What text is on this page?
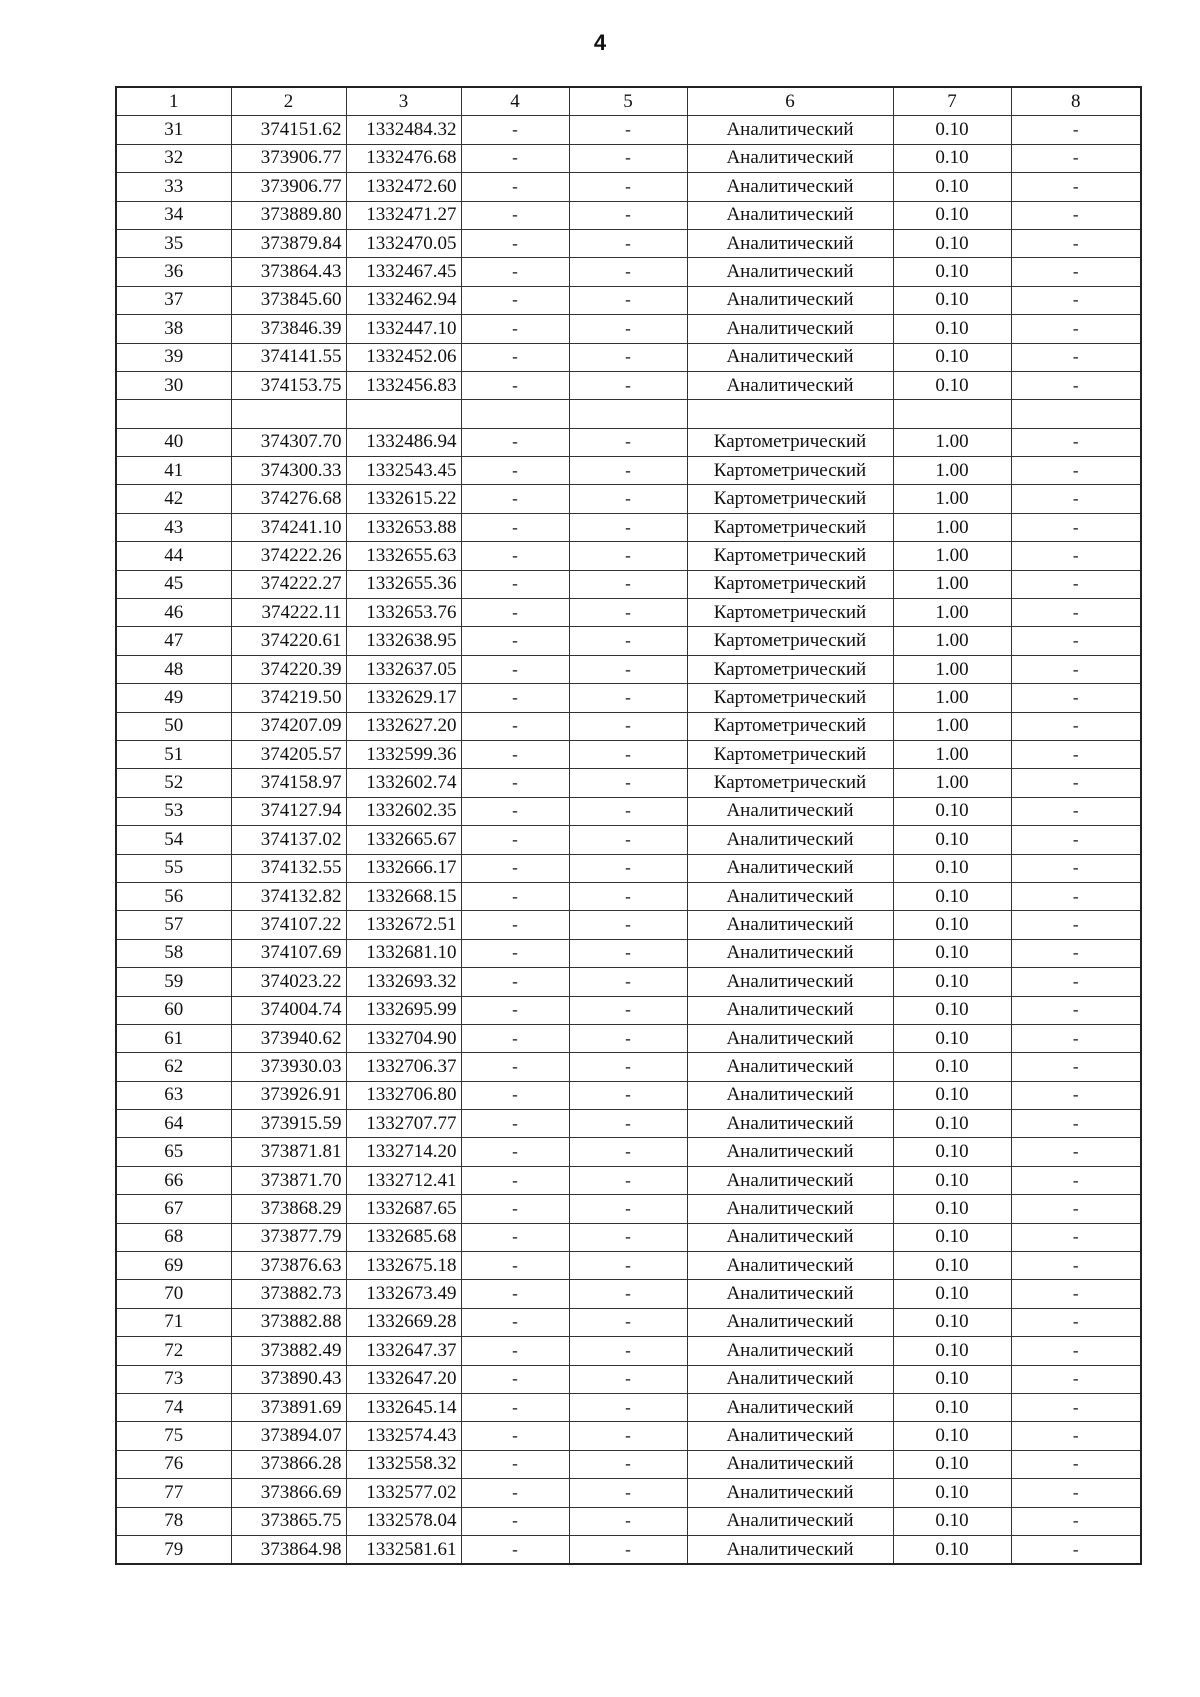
4
1	2	3	4	5	6	7	8
31	374151.62	1332484.32	-	-	Аналитический	0.10	-
32	373906.77	1332476.68	-	-	Аналитический	0.10	-
33	373906.77	1332472.60	-	-	Аналитический	0.10	-
34	373889.80	1332471.27	-	-	Аналитический	0.10	-
35	373879.84	1332470.05	-	-	Аналитический	0.10	-
36	373864.43	1332467.45	-	-	Аналитический	0.10	-
37	373845.60	1332462.94	-	-	Аналитический	0.10	-
38	373846.39	1332447.10	-	-	Аналитический	0.10	-
39	374141.55	1332452.06	-	-	Аналитический	0.10	-
30	374153.75	1332456.83	-	-	Аналитический	0.10	-

40	374307.70	1332486.94	-	-	Картометрический	1.00	-
41	374300.33	1332543.45	-	-	Картометрический	1.00	-
42	374276.68	1332615.22	-	-	Картометрический	1.00	-
43	374241.10	1332653.88	-	-	Картометрический	1.00	-
44	374222.26	1332655.63	-	-	Картометрический	1.00	-
45	374222.27	1332655.36	-	-	Картометрический	1.00	-
46	374222.11	1332653.76	-	-	Картометрический	1.00	-
47	374220.61	1332638.95	-	-	Картометрический	1.00	-
48	374220.39	1332637.05	-	-	Картометрический	1.00	-
49	374219.50	1332629.17	-	-	Картометрический	1.00	-
50	374207.09	1332627.20	-	-	Картометрический	1.00	-
51	374205.57	1332599.36	-	-	Картометрический	1.00	-
52	374158.97	1332602.74	-	-	Картометрический	1.00	-
53	374127.94	1332602.35	-	-	Аналитический	0.10	-
54	374137.02	1332665.67	-	-	Аналитический	0.10	-
55	374132.55	1332666.17	-	-	Аналитический	0.10	-
56	374132.82	1332668.15	-	-	Аналитический	0.10	-
57	374107.22	1332672.51	-	-	Аналитический	0.10	-
58	374107.69	1332681.10	-	-	Аналитический	0.10	-
59	374023.22	1332693.32	-	-	Аналитический	0.10	-
60	374004.74	1332695.99	-	-	Аналитический	0.10	-
61	373940.62	1332704.90	-	-	Аналитический	0.10	-
62	373930.03	1332706.37	-	-	Аналитический	0.10	-
63	373926.91	1332706.80	-	-	Аналитический	0.10	-
64	373915.59	1332707.77	-	-	Аналитический	0.10	-
65	373871.81	1332714.20	-	-	Аналитический	0.10	-
66	373871.70	1332712.41	-	-	Аналитический	0.10	-
67	373868.29	1332687.65	-	-	Аналитический	0.10	-
68	373877.79	1332685.68	-	-	Аналитический	0.10	-
69	373876.63	1332675.18	-	-	Аналитический	0.10	-
70	373882.73	1332673.49	-	-	Аналитический	0.10	-
71	373882.88	1332669.28	-	-	Аналитический	0.10	-
72	373882.49	1332647.37	-	-	Аналитический	0.10	-
73	373890.43	1332647.20	-	-	Аналитический	0.10	-
74	373891.69	1332645.14	-	-	Аналитический	0.10	-
75	373894.07	1332574.43	-	-	Аналитический	0.10	-
76	373866.28	1332558.32	-	-	Аналитический	0.10	-
77	373866.69	1332577.02	-	-	Аналитический	0.10	-
78	373865.75	1332578.04	-	-	Аналитический	0.10	-
79	373864.98	1332581.61	-	-	Аналитический	0.10	-
